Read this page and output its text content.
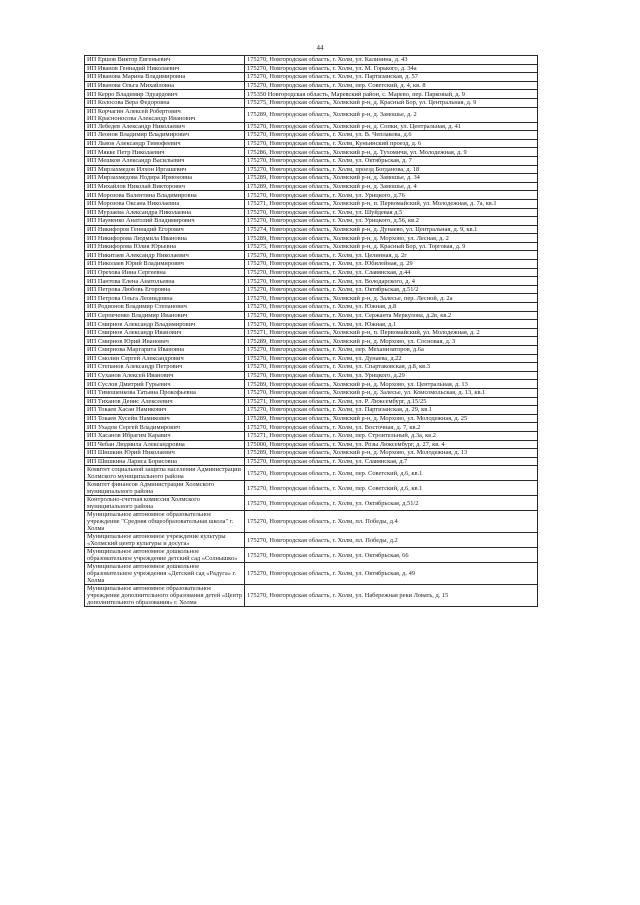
44
ИП Ершов Виктор Евгеньевич	175270, Новгородская область, г. Холм, ул. Калинина, д. 43
ИП Иванов Геннадий Николаевич	175270, Новгородская область, г. Холм, ул. М. Горького, д. 34а
ИП Иванова Марина Владимировна	175270, Новгородская область, г. Холм, ул. Партизанская, д. 57
ИП Иванова Ольга Михайловна	175270, Новгородская область, г. Холм, пер. Советский, д. 4, кв. 8
ИП Керро Владимир Эдуардович	175350 Новгородская область, Маревский район, с. Марево, пер. Парковый, д. 9
ИП Колосова Вера Федоровна	175275, Новгородская область, Холмский р-н, д. Красный Бор, ул. Центральная, д. 9
ИП Корчагин Алексей Робертович
ИП Красноносова Александр Иванович	175289, Новгородская область, Холмский р-н, д. Замошье, д. 2
ИП Лебедев Александр Николаевич	175270, Новгородская область, Холмский р-н, д. Сопки, ул. Центральная, д. 41
ИП Леонов Владимир Владимирович	175270, Новгородская область, г. Холм, ул. В. Чеплакова, д.6
ИП Львов Александр Тимофеевич	175270, Новгородская область, г. Холм, Куньинский проезд, д. 6
ИП Мякке Петр Николаевич	175286, Новгородская область, Холмский р-н, д. Тухомичи, ул. Молодежная, д. 9
ИП Мешков Александр Васильевич	175270, Новгородская область, г. Холм, ул. Октябрьская, д. 7
ИП Мирзахмедов Илхон Иргашевич	175270, Новгородская область, г. Холм, проезд Богданова, д. 18
ИП Мирзахмедова Нодира Ирмоновна	175289, Новгородская область, Холмский р-н, д. Замошье, д. 34
ИП Михайлов Николай Викторович	175289, Новгородская область, Холмский р-н, д. Замошье, д. 4
ИП Морозова Валентина Владимировна	175270, Новгородская область, г. Холм, ул. Урицкого, д.76
ИП Морозова Оксана Николаевна	175271, Новгородская область, Холмский р-н, п. Первомайский, ул. Молодежная, д. 7а, кв.1
ИП Мурзаева Александра Николаевна	175270, Новгородская область, г. Холм, ул. Шуйдевая д.5
ИП Науменко Анатолий Владимирович	175270, Новгородская область, г. Холм, ул. Урицкого, д.56, кв.2
ИП Никифоров Геннадий Егорович	175274, Новгородская область, Холмский р-н, д. Дунаево, ул. Центральная, д. 9, кв.1
ИП Никифорова Людмила Ивановна	175289, Новгородская область, Холмский р-н, д. Морхово, ул. Лесная, д. 2
ИП Никифорова Юлия Юрьевна	175275, Новгородская область, Холмский р-н, д. Красный Бор, ул. Торговая, д. 9
ИП Никитаев Александр Николаевич	175270, Новгородская область, г. Холм, ул. Целинная, д. 2г
ИП Николаев Юрий Владимирович	175270, Новгородская область, г. Холм, ул. Юбилейная, д. 29
ИП Орехова Инна Сергеевна	175270, Новгородская область, г. Холм, ул. Славянская, д.44
ИП Пантова Елена Анатольевна	175270, Новгородская область, г. Холм, ул. Володарского, д. 4
ИП Петрова Любовь Егоровна	175270, Новгородская область, г. Холм, ул. Октябрьская, д.51/2
ИП Петрова Ольга Леонидовна	175270, Новгородская область, Холмский р-н, д. Залесье, пер. Лесной, д. 2а
ИП Родионов Владимир Степанович	175270, Новгородская область, г. Холм, ул. Южная, д.8
ИП Серпеченко Владимир Иванович	175270, Новгородская область, г. Холм, ул. Сержанта Меркулова, д.2в, кв.2
ИП Смирнов Александр Владимирович	175270, Новгородская область, г. Холм, ул. Южная, д.1
ИП Смирнов Александр Иванович	175271, Новгородская область, Холмский р-н, п. Первомайский, ул. Молодежная, д. 2
ИП Смирнов Юрий Иванович	175289, Новгородская область, Холмский р-н, д. Морхово, ул. Сосновая, д. 3
ИП Смирнова Маргарита Ивановна	175270, Новгородская область, г. Холм, пер. Механизаторов, д.6а
ИП Смолин Сергей Александрович	175270, Новгородская область, г. Холм, ул. Дунаева, д.22
ИП Степанов Александр Петрович	175270, Новгородская область, г. Холм, ул. Спартаковская, д.8, кв.3
ИП Суханов Алексей Иванович	175270, Новгородская область, г. Холм, ул. Урицкого, д.29
ИП Суслов Дмитрий Гурьевич	175289, Новгородская область, Холмский р-н, д. Морхово, ул. Центральная, д. 13
ИП Тимошенкова Татьяна Прокофьевна	175270, Новгородская область, Холмский р-н, д. Залесье, ул. Комсомольская, д. 13, кв.1
ИП Тиханов Денис Алексеевич	175271, Новгородская область, г. Холм, ул. Р. Люксембург, д.15/25
ИП Токаев Хасан Намикович	175270, Новгородская область, г. Холм, ул. Партизанская, д. 29, кв.1
ИП Токаев Хусейн Намикович	175289, Новгородская область, Холмский р-н, д. Морхово, ул. Молодежная, д. 25
ИП Ухадов Сергей Владимирович	175270, Новгородская область, г. Холм, ул. Восточная, д. 7, кв.2
ИП Хасанов Ибрагим Каравич	175271, Новгородская область, г. Холм, пер. Строительный, д.3а, кв.2
ИП Чебан Людмила Александровна	175000, Новгородская область, г. Холм, ул. Розы Люксембург, д. 27, кв. 4
ИП Шишкин Юрий Николаевич	175289, Новгородская область, Холмский р-н, д. Морхово, ул. Молодежная, д. 13
ИП Шишкина Лариса Борисовна	175270, Новгородская область, г. Холм, ул. Славянская, д.7
Комитет социальной защиты населения Администрации Холмского муниципального района	175270, Новгородская область, г. Холм, пер. Советский, д.6, кв.1
Комитет финансов Администрации Холмского муниципального района	175270, Новгородская область, г. Холм, пер. Советский, д.6, кв.1
Контрольно-счетная комиссия Холмского муниципального района	175270, Новгородская область, г. Холм, ул. Октябрьская, д.51/2
Муниципальное автономное образовательное учреждение "Средняя общеобразовательная школа" г. Холма	175270, Новгородская область, г. Холм, пл. Победы, д.4
Муниципальное автономное учреждение культуры «Холмский центр культуры и досуга»	175270, Новгородская область, г. Холм, пл. Победы, д.2
Муниципальное автономное дошкольное образовательное учреждение детский сад «Солнышко»	175270, Новгородская область, г. Холм, ул. Октябрьская, 66
Муниципальное автономное дошкольное образовательное учреждения «Детский сад «Радуга» г. Холма	175270, Новгородская область, г. Холм, ул. Октябрьская, д. 49
Муниципальное автономное образовательное учреждение дополнительного образования детей «Центр дополнительного образования» г. Холма	175270, Новгородская область, г. Холм, ул. Набережная реки Ловать, д. 15
